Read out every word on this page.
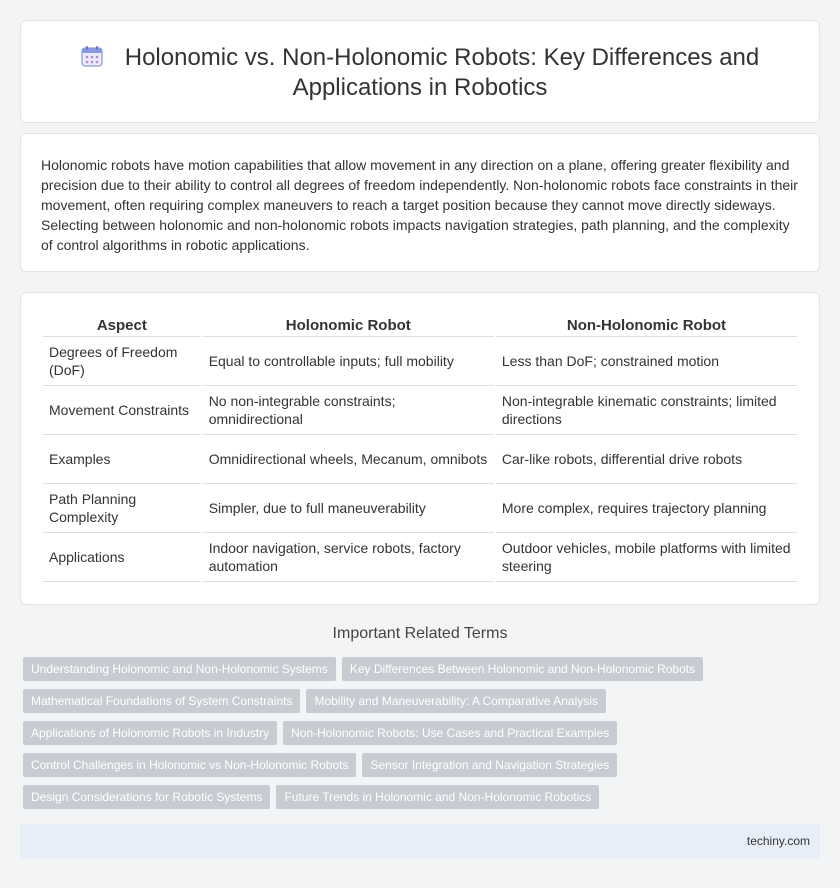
Holonomic vs. Non-Holonomic Robots: Key Differences and Applications in Robotics

Holonomic robots have motion capabilities that allow movement in any direction on a plane, offering greater flexibility and precision due to their ability to control all degrees of freedom independently. Non-holonomic robots face constraints in their movement, often requiring complex maneuvers to reach a target position because they cannot move directly sideways. Selecting between holonomic and non-holonomic robots impacts navigation strategies, path planning, and the complexity of control algorithms in robotic applications.

Aspect	Holonomic Robot	Non-Holonomic Robot
Degrees of Freedom (DoF)	Equal to controllable inputs; full mobility	Less than DoF; constrained motion
Movement Constraints	No non-integrable constraints; omnidirectional	Non-integrable kinematic constraints; limited directions
Examples	Omnidirectional wheels, Mecanum, omnibots	Car-like robots, differential drive robots
Path Planning Complexity	Simpler, due to full maneuverability	More complex, requires trajectory planning
Applications	Indoor navigation, service robots, factory automation	Outdoor vehicles, mobile platforms with limited steering
Important Related Terms
Understanding Holonomic and Non-Holonomic Systems	Key Differences Between Holonomic and Non-Holonomic Robots
Mathematical Foundations of System Constraints	Mobility and Maneuverability: A Comparative Analysis
Applications of Holonomic Robots in Industry	Non-Holonomic Robots: Use Cases and Practical Examples
Control Challenges in Holonomic vs Non-Holonomic Robots	Sensor Integration and Navigation Strategies
Design Considerations for Robotic Systems	Future Trends in Holonomic and Non-Holonomic Robotics
techiny.com
